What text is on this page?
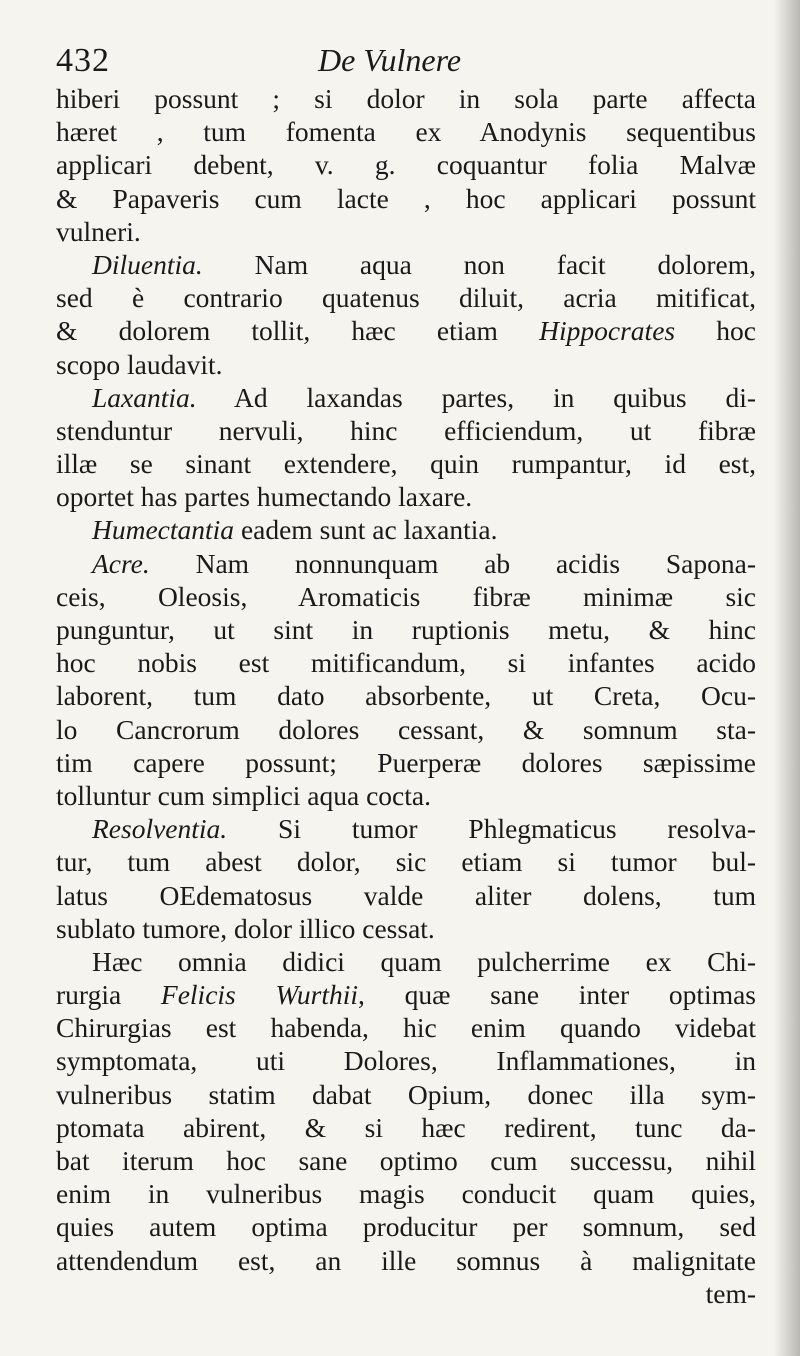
432	De Vulnere
hiberi possunt ; si dolor in sola parte affecta
hæret , tum fomenta ex Anodynis sequentibus
applicari debent, v. g. coquantur folia Malvæ
& Papaveris cum lacte , hoc applicari possunt
vulneri.
Diluentia. Nam aqua non facit dolorem,
sed è contrario quatenus diluit, acria mitificat,
& dolorem tollit, hæc etiam Hippocrates hoc
scopo laudavit.
Laxantia. Ad laxandas partes, in quibus di-
stenduntur nervuli, hinc efficiendum, ut fibræ
illæ se sinant extendere, quin rumpantur, id est,
oportet has partes humectando laxare.
Humectantia eadem sunt ac laxantia.
Acre. Nam nonnunquam ab acidis Sapona-
ceis, Oleosis, Aromaticis fibræ minimæ sic
punguntur, ut sint in ruptionis metu, & hinc
hoc nobis est mitificandum, si infantes acido
laborent, tum dato absorbente, ut Creta, Ocu-
lo Cancrorum dolores cessant, & somnum sta-
tim capere possunt; Puerperæ dolores sæpissime
tolluntur cum simplici aqua cocta.
Resolventia. Si tumor Phlegmaticus resolva-
tur, tum abest dolor, sic etiam si tumor bul-
latus OEdematosus valde aliter dolens, tum
sublato tumore, dolor illico cessat.
Hæc omnia didici quam pulcherrime ex Chi-
rurgia Felicis Wurthii, quæ sane inter optimas
Chirurgias est habenda, hic enim quando videbat
symptomata, uti Dolores, Inflammationes, in
vulneribus statim dabat Opium, donec illa sym-
ptomata abirent, & si hæc redirent, tunc da-
bat iterum hoc sane optimo cum successu, nihil
enim in vulneribus magis conducit quam quies,
quies autem optima producitur per somnum, sed
attendendum est, an ille somnus à malignitate
tem-
